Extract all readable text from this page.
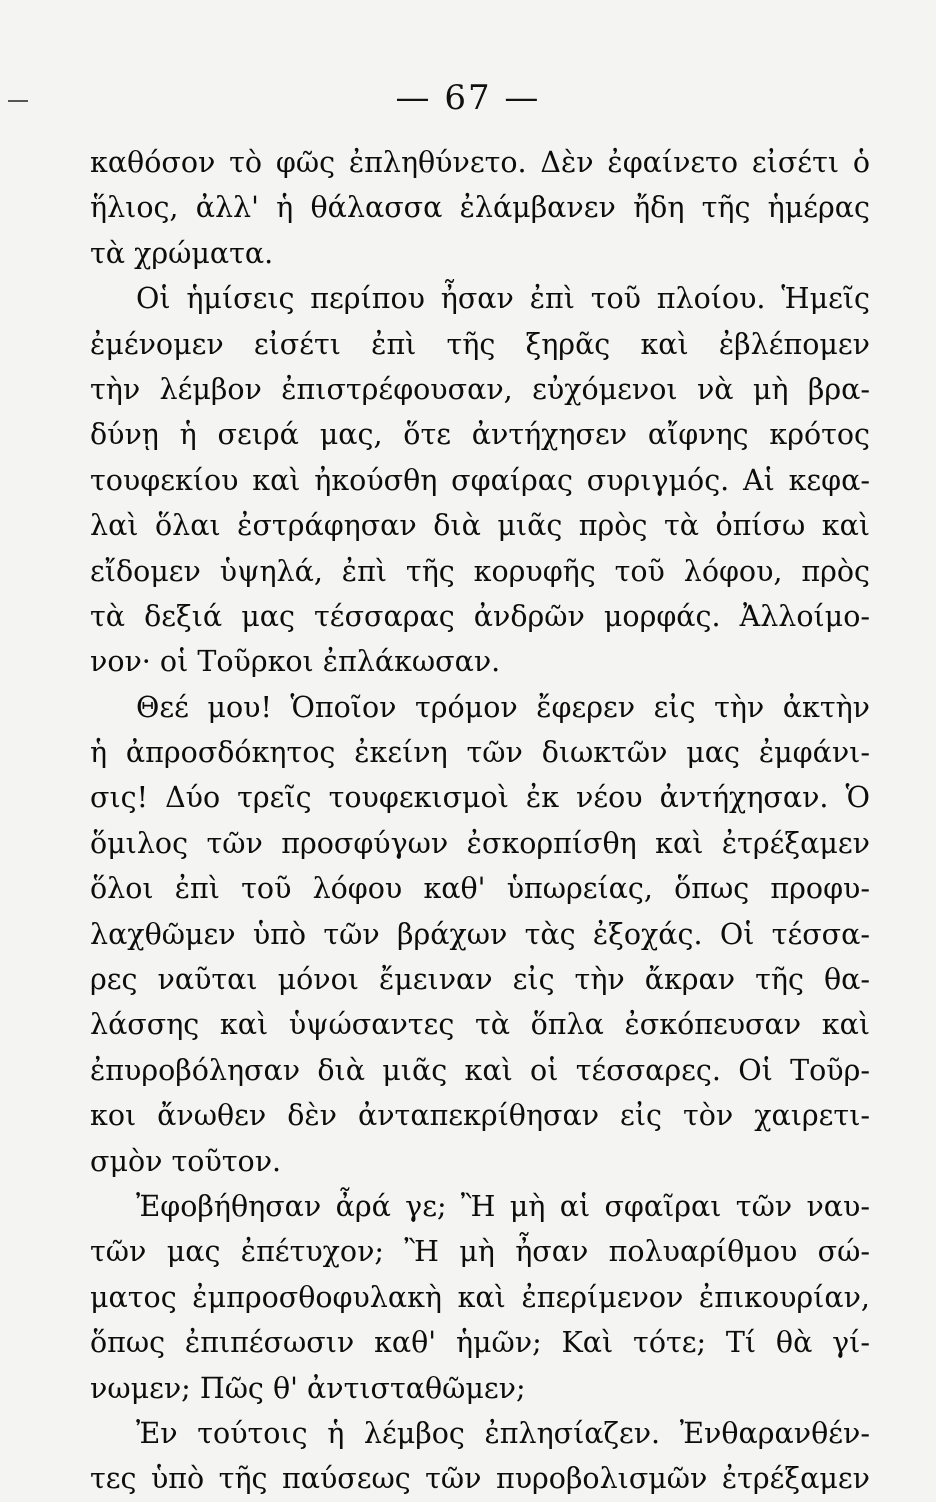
— 67 —
καθόσον τὸ φῶς ἐπληθύνετο. Δὲν ἐφαίνετο εἰσέτι ὁ
ἥλιος, ἀλλ' ἡ θάλασσα ἐλάμβανεν ἤδη τῆς ἡμέρας
τὰ χρώματα.
Οἱ ἡμίσεις περίπου ἦσαν ἐπὶ τοῦ πλοίου. Ἡμεῖς
ἐμένομεν εἰσέτι ἐπὶ τῆς ξηρᾶς καὶ ἐβλέπομεν
τὴν λέμβον ἐπιστρέφουσαν, εὐχόμενοι νὰ μὴ βρα-
δύνῃ ἡ σειρά μας, ὅτε ἀντήχησεν αἴφνης κρότος
τουφεκίου καὶ ἠκούσθη σφαίρας συριγμός. Αἱ κεφα-
λαὶ ὅλαι ἐστράφησαν διὰ μιᾶς πρὸς τὰ ὀπίσω καὶ
εἴδομεν ὑψηλά, ἐπὶ τῆς κορυφῆς τοῦ λόφου, πρὸς
τὰ δεξιά μας τέσσαρας ἀνδρῶν μορφάς. Ἀλλοίμο-
νον· οἱ Τοῦρκοι ἐπλάκωσαν.
Θεέ μου! Ὁποῖον τρόμον ἔφερεν εἰς τὴν ἀκτὴν
ἡ ἀπροσδόκητος ἐκείνη τῶν διωκτῶν μας ἐμφάνι-
σις! Δύο τρεῖς τουφεκισμοὶ ἐκ νέου ἀντήχησαν. Ὁ
ὅμιλος τῶν προσφύγων ἐσκορπίσθη καὶ ἐτρέξαμεν
ὅλοι ἐπὶ τοῦ λόφου καθ' ὑπωρείας, ὅπως προφυ-
λαχθῶμεν ὑπὸ τῶν βράχων τὰς ἐξοχάς. Οἱ τέσσα-
ρες ναῦται μόνοι ἔμειναν εἰς τὴν ἄκραν τῆς θα-
λάσσης καὶ ὑψώσαντες τὰ ὅπλα ἐσκόπευσαν καὶ
ἐπυροβόλησαν διὰ μιᾶς καὶ οἱ τέσσαρες. Οἱ Τοῦρ-
κοι ἄνωθεν δὲν ἀνταπεκρίθησαν εἰς τὸν χαιρετι-
σμὸν τοῦτον.
Ἐφοβήθησαν ἆρά γε; Ἢ μὴ αἱ σφαῖραι τῶν ναυ-
τῶν μας ἐπέτυχον; Ἢ μὴ ἦσαν πολυαρίθμου σώ-
ματος ἐμπροσθοφυλακὴ καὶ ἐπερίμενον ἐπικουρίαν,
ὅπως ἐπιπέσωσιν καθ' ἡμῶν; Καὶ τότε; Τί θὰ γί-
νωμεν; Πῶς θ' ἀντισταθῶμεν;
Ἐν τούτοις ἡ λέμβος ἐπλησίαζεν. Ἐνθαρανθέν-
τες ὑπὸ τῆς παύσεως τῶν πυροβολισμῶν ἐτρέξαμεν
